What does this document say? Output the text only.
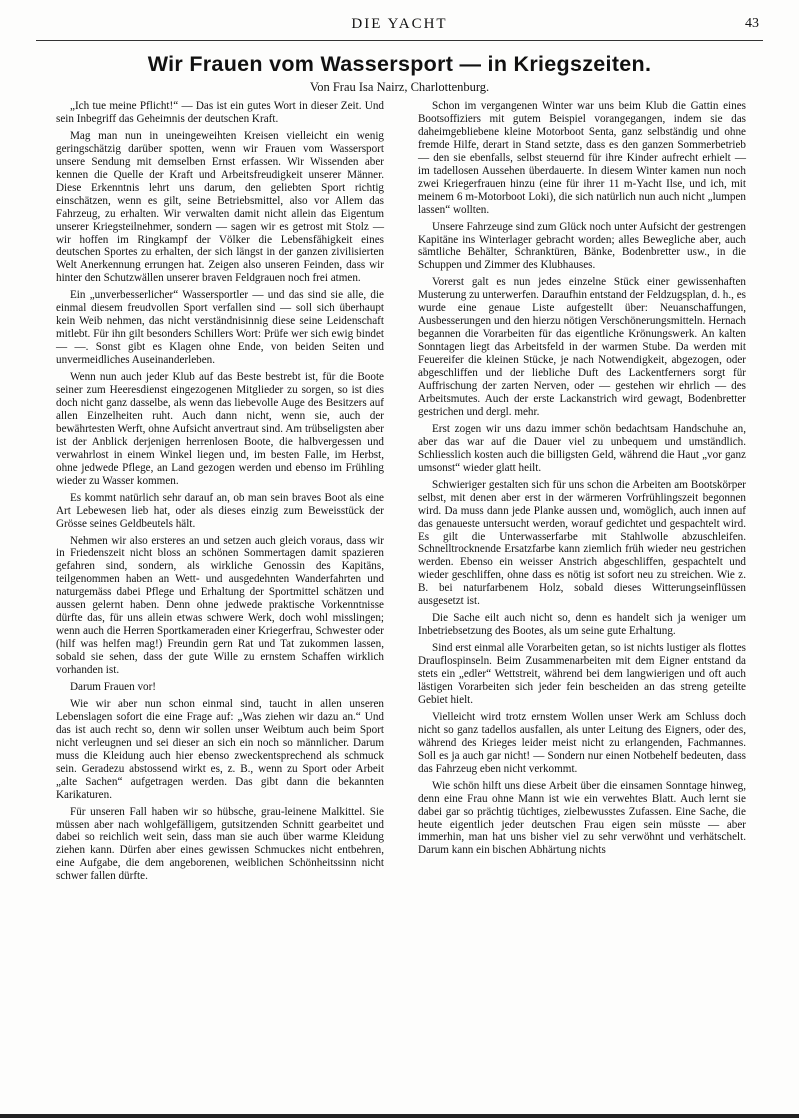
DIE YACHT	43
Wir Frauen vom Wassersport — in Kriegszeiten.
Von Frau Isa Nairz, Charlottenburg.

„Ich tue meine Pflicht!“ — Das ist ein gutes Wort in dieser Zeit. Und sein Inbegriff das Geheimnis der deutschen Kraft.

Mag man nun in uneingeweihten Kreisen vielleicht ein wenig geringschätzig darüber spotten, wenn wir Frauen vom Wassersport unsere Sendung mit demselben Ernst erfassen. Wir Wissenden aber kennen die Quelle der Kraft und Arbeitsfreudigkeit unserer Männer. Diese Erkenntnis lehrt uns darum, den geliebten Sport richtig einschätzen, wenn es gilt, seine Betriebsmittel, also vor Allem das Fahrzeug, zu erhalten. Wir verwalten damit nicht allein das Eigentum unserer Kriegsteilnehmer, sondern — sagen wir es getrost mit Stolz — wir hoffen im Ringkampf der Völker die Lebensfähigkeit eines deutschen Sportes zu erhalten, der sich längst in der ganzen zivilisierten Welt Anerkennung errungen hat. Zeigen also unseren Feinden, dass wir hinter den Schutzwällen unserer braven Feldgrauen noch frei atmen.

Ein „unverbesserlicher“ Wassersportler — und das sind sie alle, die einmal diesem freudvollen Sport verfallen sind — soll sich überhaupt kein Weib nehmen, das nicht verständnisinnig diese seine Leidenschaft mitlebt. Für ihn gilt besonders Schillers Wort: Prüfe wer sich ewig bindet — —. Sonst gibt es Klagen ohne Ende, von beiden Seiten und unvermeidliches Auseinanderleben.

Wenn nun auch jeder Klub auf das Beste bestrebt ist, für die Boote seiner zum Heeresdienst eingezogenen Mitglieder zu sorgen, so ist dies doch nicht ganz dasselbe, als wenn das liebevolle Auge des Besitzers auf allen Einzelheiten ruht. Auch dann nicht, wenn sie, auch der bewährtesten Werft, ohne Aufsicht anvertraut sind. Am trübseligsten aber ist der Anblick derjenigen herrenlosen Boote, die halbvergessen und verwahrlost in einem Winkel liegen und, im besten Falle, im Herbst, ohne jedwede Pflege, an Land gezogen werden und ebenso im Frühling wieder zu Wasser kommen.

Es kommt natürlich sehr darauf an, ob man sein braves Boot als eine Art Lebewesen lieb hat, oder als dieses einzig zum Beweisstück der Grösse seines Geldbeutels hält.

Nehmen wir also ersteres an und setzen auch gleich voraus, dass wir in Friedenszeit nicht bloss an schönen Sommertagen damit spazieren gefahren sind, sondern, als wirkliche Genossin des Kapitäns, teilgenommen haben an Wett- und ausgedehnten Wanderfahrten und naturgemäss dabei Pflege und Erhaltung der Sportmittel schätzen und aussen gelernt haben. Denn ohne jedwede praktische Vorkenntnisse dürfte das, für uns allein etwas schwere Werk, doch wohl misslingen; wenn auch die Herren Sportkameraden einer Kriegerfrau, Schwester oder (hilf was helfen mag!) Freundin gern Rat und Tat zukommen lassen, sobald sie sehen, dass der gute Wille zu ernstem Schaffen wirklich vorhanden ist.

Darum Frauen vor!

Wie wir aber nun schon einmal sind, taucht in allen unseren Lebenslagen sofort die eine Frage auf: „Was ziehen wir dazu an.“ Und das ist auch recht so, denn wir sollen unser Weibtum auch beim Sport nicht verleugnen und sei dieser an sich ein noch so männlicher. Darum muss die Kleidung auch hier ebenso zweckentsprechend als schmuck sein. Geradezu abstossend wirkt es, z. B., wenn zu Sport oder Arbeit „alte Sachen“ aufgetragen werden. Das gibt dann die bekannten Karikaturen.

Für unseren Fall haben wir so hübsche, grau-leinene Malkittel. Sie müssen aber nach wohlgefälligem, gutsitzenden Schnitt gearbeitet und dabei so reichlich weit sein, dass man sie auch über warme Kleidung ziehen kann. Dürfen aber eines gewissen Schmuckes nicht entbehren, eine Aufgabe, die dem angeborenen, weiblichen Schönheitssinn nicht schwer fallen dürfte.

Schon im vergangenen Winter war uns beim Klub die Gattin eines Bootsoffiziers mit gutem Beispiel vorangegangen, indem sie das daheimgebliebene kleine Motorboot Senta, ganz selbständig und ohne fremde Hilfe, derart in Stand setzte, dass es den ganzen Sommerbetrieb — den sie ebenfalls, selbst steuernd für ihre Kinder aufrecht erhielt — im tadellosen Aussehen überdauerte. In diesem Winter kamen nun noch zwei Kriegerfrauen hinzu (eine für ihrer 11 m-Yacht Ilse, und ich, mit meinem 6 m-Motorboot Loki), die sich natürlich nun auch nicht „lumpen lassen“ wollten.

Unsere Fahrzeuge sind zum Glück noch unter Aufsicht der gestrengen Kapitäne ins Winterlager gebracht worden; alles Bewegliche aber, auch sämtliche Behälter, Schranktüren, Bänke, Bodenbretter usw., in die Schuppen und Zimmer des Klubhauses.

Vorerst galt es nun jedes einzelne Stück einer gewissenhaften Musterung zu unterwerfen. Daraufhin entstand der Feldzugsplan, d. h., es wurde eine genaue Liste aufgestellt über: Neuanschaffungen, Ausbesserungen und den hierzu nötigen Verschönerungsmitteln. Hernach begannen die Vorarbeiten für das eigentliche Krönungswerk. An kalten Sonntagen liegt das Arbeitsfeld in der warmen Stube. Da werden mit Feuereifer die kleinen Stücke, je nach Notwendigkeit, abgezogen, oder abgeschliffen und der liebliche Duft des Lackentferners sorgt für Auffrischung der zarten Nerven, oder — gestehen wir ehrlich — des Arbeitsmutes. Auch der erste Lackanstrich wird gewagt, Bodenbretter gestrichen und dergl. mehr.

Erst zogen wir uns dazu immer schön bedachtsam Handschuhe an, aber das war auf die Dauer viel zu unbequem und umständlich. Schliesslich kosten auch die billigsten Geld, während die Haut „vor ganz umsonst“ wieder glatt heilt.

Schwieriger gestalten sich für uns schon die Arbeiten am Bootskörper selbst, mit denen aber erst in der wärmeren Vorfrühlingszeit begonnen wird. Da muss dann jede Planke aussen und, womöglich, auch innen auf das genaueste untersucht werden, worauf gedichtet und gespachtelt wird. Es gilt die Unterwasserfarbe mit Stahlwolle abzuschleifen. Schnelltrocknende Ersatzfarbe kann ziemlich früh wieder neu gestrichen werden. Ebenso ein weisser Anstrich abgeschliffen, gespachtelt und wieder geschliffen, ohne dass es nötig ist sofort neu zu streichen. Wie z. B. bei naturfarbenem Holz, sobald dieses Witterungseinflüssen ausgesetzt ist.

Die Sache eilt auch nicht so, denn es handelt sich ja weniger um Inbetriebsetzung des Bootes, als um seine gute Erhaltung.

Sind erst einmal alle Vorarbeiten getan, so ist nichts lustiger als flottes Drauflospinseln. Beim Zusammenarbeiten mit dem Eigner entstand da stets ein „edler“ Wettstreit, während bei dem langwierigen und oft auch lästigen Vorarbeiten sich jeder fein bescheiden an das streng geteilte Gebiet hielt.

Vielleicht wird trotz ernstem Wollen unser Werk am Schluss doch nicht so ganz tadellos ausfallen, als unter Leitung des Eigners, oder des, während des Krieges leider meist nicht zu erlangenden, Fachmannes. Soll es ja auch gar nicht! — Sondern nur einen Notbehelf bedeuten, dass das Fahrzeug eben nicht verkommt.

Wie schön hilft uns diese Arbeit über die einsamen Sonntage hinweg, denn eine Frau ohne Mann ist wie ein verwehtes Blatt. Auch lernt sie dabei gar so prächtig tüchtiges, zielbewusstes Zufassen. Eine Sache, die heute eigentlich jeder deutschen Frau eigen sein müsste — aber immerhin, man hat uns bisher viel zu sehr verwöhnt und verhätschelt. Darum kann ein bischen Abhärtung nichts
